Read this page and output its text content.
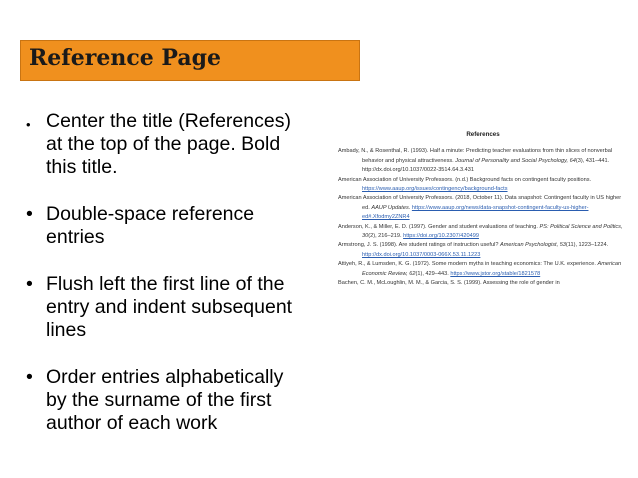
Reference Page
• Center the title (References)
at the top of the page. Bold
this title.
• Double-space reference
entries
• Flush left the first line of the
entry and indent subsequent
lines
• Order entries alphabetically
by the surname of the first
author of each work
References
Ambady, N., & Rosenthal, R. (1993). Half a minute: Predicting teacher evaluations from thin slices of nonverbal behavior and physical attractiveness. Journal of Personality and Social Psychology, 64(3), 431–441. http://dx.doi.org/10.1037/0022-3514.64.3.431
American Association of University Professors. (n.d.) Background facts on contingent faculty positions. https://www.aaup.org/issues/contingency/background-facts
American Association of University Professors. (2018, October 11). Data snapshot: Contingent faculty in US higher ed. AAUP Updates. https://www.aaup.org/news/data-snapshot-contingent-faculty-us-higher-ed#.Xfodmy2ZNR4
Anderson, K., & Miller, E. D. (1997). Gender and student evaluations of teaching. PS: Political Science and Politics, 30(2), 216–219. https://doi.org/10.2307/420499
Armstrong, J. S. (1998). Are student ratings of instruction useful? American Psychologist, 53(11), 1223–1224. http://dx.doi.org/10.1037/0003-066X.53.11.1223
Attiyeh, R., & Lumsden, K. G. (1972). Some modern myths in teaching economics: The U.K. experience. American Economic Review, 62(1), 429–443. https://www.jstor.org/stable/1821578
Bachen, C. M., McLoughlin, M. M., & Garcia, S. S. (1999). Assessing the role of gender in
